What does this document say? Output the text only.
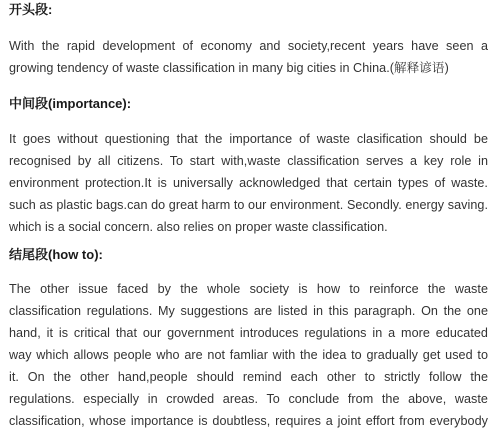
开头段:
With the rapid development of economy and society,recent years have seen a
growing tendency of waste classification in many big cities in China.(解释谚语)
中间段(importance):
It goes without questioning that the importance of waste clasification should be
recognised by all citizens. To start with,waste classification serves a key role in
environment protection.It is universally acknowledged that certain types of waste.
such as plastic bags.can do great harm to our environment. Secondly. energy saving.
which is a social concern. also relies on proper waste classification.
结尾段(how to):
The other issue faced by the whole society is how to reinforce the waste
classification regulations. My suggestions are listed in this paragraph. On the one
hand, it is critical that our government introduces regulations in a more educated
way which allows people who are not famliar with the idea to gradually get used to
it. On the other hand,people should remind each other to strictly follow the
regulations. especially in crowded areas. To conclude from the above, waste
classification, whose importance is doubtless, requires a joint effort from everybody
